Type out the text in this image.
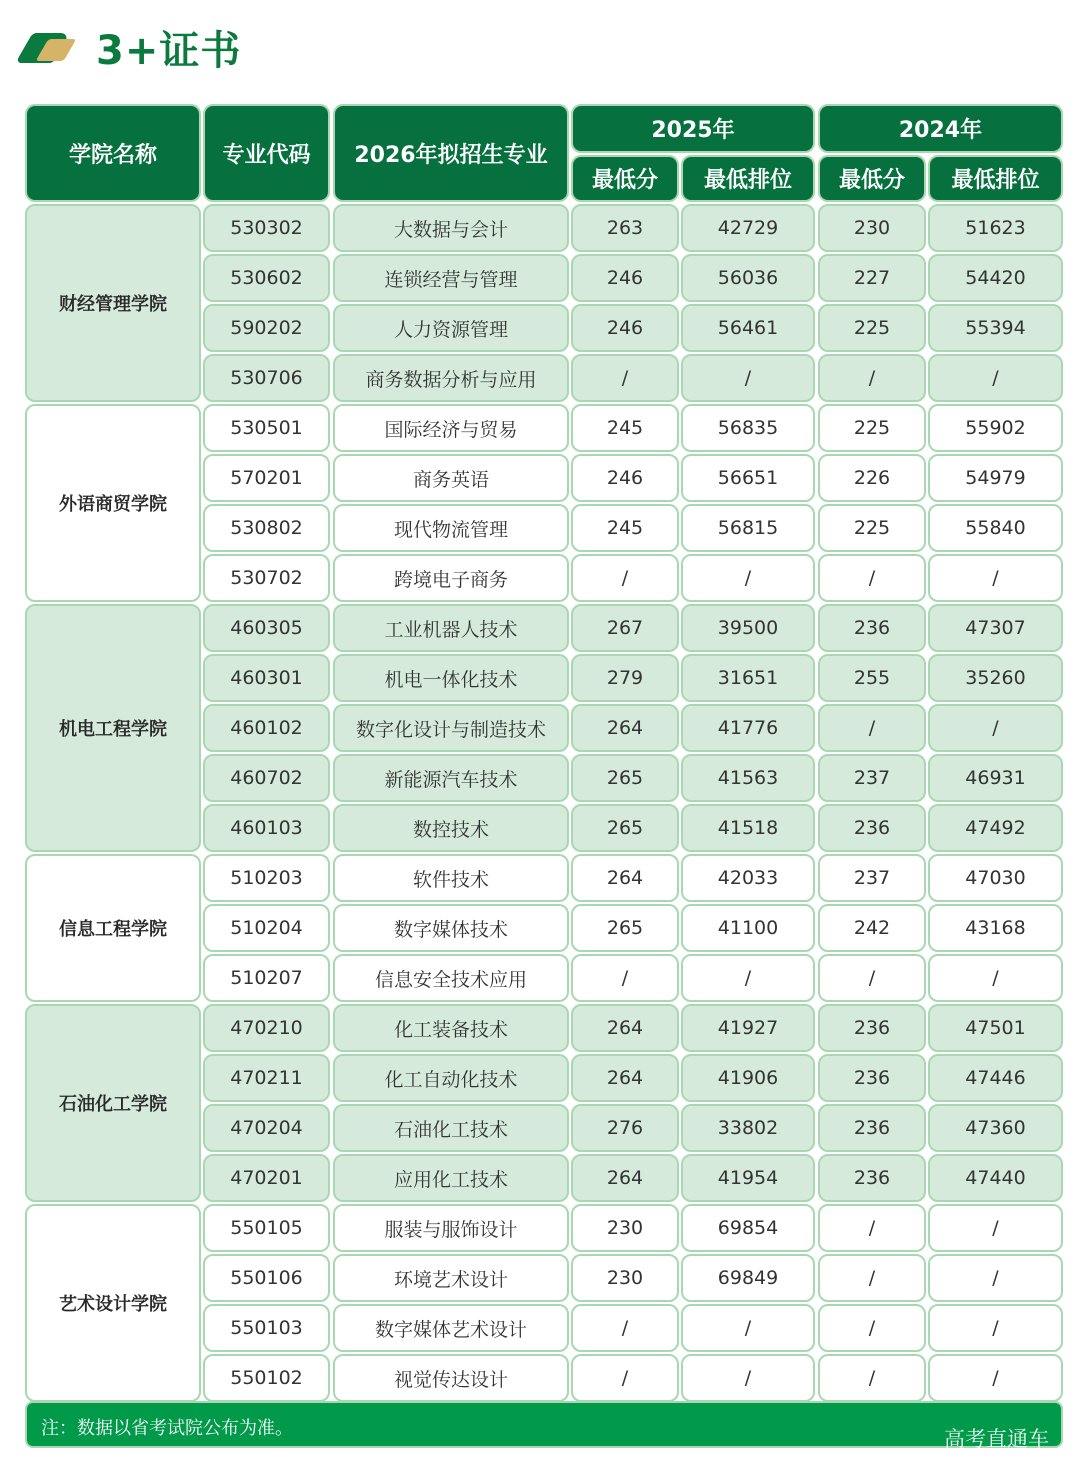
3+证书
学院名称	专业代码	2026年拟招生专业
2025年	2024年
最低分	最低排位	最低分	最低排位
财经管理学院
530302	大数据与会计	263	42729	230	51623
530602	连锁经营与管理	246	56036	227	54420
590202	人力资源管理	246	56461	225	55394
530706	商务数据分析与应用	/	/	/	/
外语商贸学院
530501	国际经济与贸易	245	56835	225	55902
570201	商务英语	246	56651	226	54979
530802	现代物流管理	245	56815	225	55840
530702	跨境电子商务	/	/	/	/
机电工程学院
460305	工业机器人技术	267	39500	236	47307
460301	机电一体化技术	279	31651	255	35260
460102	数字化设计与制造技术	264	41776	/	/
460702	新能源汽车技术	265	41563	237	46931
460103	数控技术	265	41518	236	47492
信息工程学院
510203	软件技术	264	42033	237	47030
510204	数字媒体技术	265	41100	242	43168
510207	信息安全技术应用	/	/	/	/
石油化工学院
470210	化工装备技术	264	41927	236	47501
470211	化工自动化技术	264	41906	236	47446
470204	石油化工技术	276	33802	236	47360
470201	应用化工技术	264	41954	236	47440
艺术设计学院
550105	服装与服饰设计	230	69854	/	/
550106	环境艺术设计	230	69849	/	/
550103	数字媒体艺术设计	/	/	/	/
550102	视觉传达设计	/	/	/	/
注：数据以省考试院公布为准。	高考直通车
